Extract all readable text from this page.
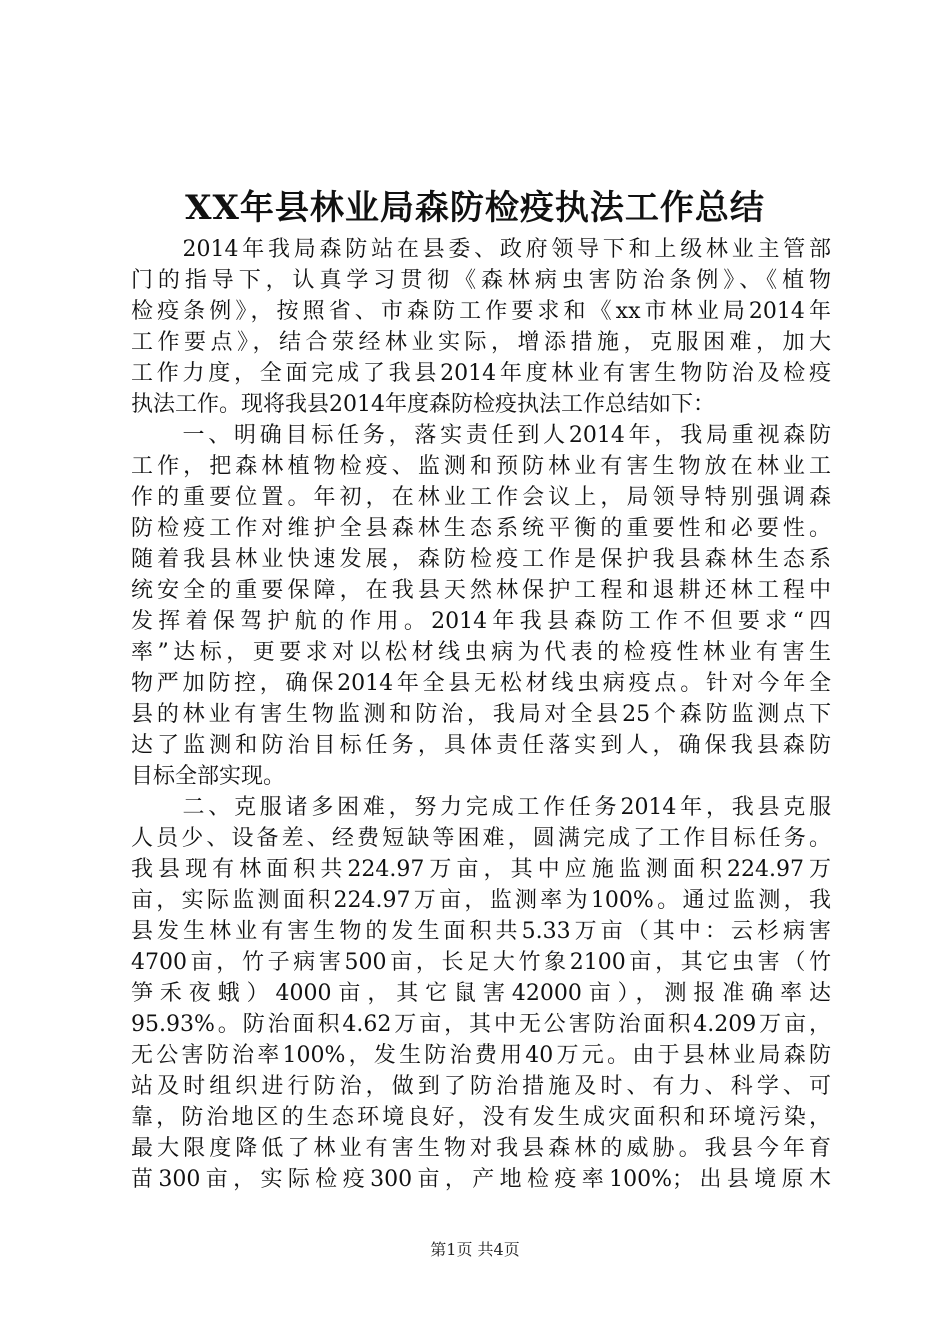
XX年县林业局森防检疫执法工作总结
　　2014年我局森防站在县委、政府领导下和上级林业主管部
门的指导下，认真学习贯彻《森林病虫害防治条例》、《植物
检疫条例》，按照省、市森防工作要求和《xx市林业局2014年
工作要点》，结合荥经林业实际，增添措施，克服困难，加大
工作力度，全面完成了我县2014年度林业有害生物防治及检疫
执法工作。现将我县2014年度森防检疫执法工作总结如下：
　　一、明确目标任务，落实责任到人2014年，我局重视森防
工作，把森林植物检疫、监测和预防林业有害生物放在林业工
作的重要位置。年初，在林业工作会议上，局领导特别强调森
防检疫工作对维护全县森林生态系统平衡的重要性和必要性。
随着我县林业快速发展，森防检疫工作是保护我县森林生态系
统安全的重要保障，在我县天然林保护工程和退耕还林工程中
发挥着保驾护航的作用。2014年我县森防工作不但要求“四
率”达标，更要求对以松材线虫病为代表的检疫性林业有害生
物严加防控，确保2014年全县无松材线虫病疫点。针对今年全
县的林业有害生物监测和防治，我局对全县25个森防监测点下
达了监测和防治目标任务，具体责任落实到人，确保我县森防
目标全部实现。
　　二、克服诸多困难，努力完成工作任务2014年，我县克服
人员少、设备差、经费短缺等困难，圆满完成了工作目标任务。
我县现有林面积共224.97万亩，其中应施监测面积224.97万
亩，实际监测面积224.97万亩，监测率为100%。通过监测，我
县发生林业有害生物的发生面积共5.33万亩（其中：云杉病害
4700亩，竹子病害500亩，长足大竹象2100亩，其它虫害（竹
笋禾夜蛾）4000亩，其它鼠害42000亩），测报准确率达
95.93%。防治面积4.62万亩，其中无公害防治面积4.209万亩，
无公害防治率100%，发生防治费用40万元。由于县林业局森防
站及时组织进行防治，做到了防治措施及时、有力、科学、可
靠，防治地区的生态环境良好，没有发生成灾面积和环境污染，
最大限度降低了林业有害生物对我县森林的威胁。我县今年育
苗300亩，实际检疫300亩，产地检疫率100%；出县境原木
第1页 共4页
